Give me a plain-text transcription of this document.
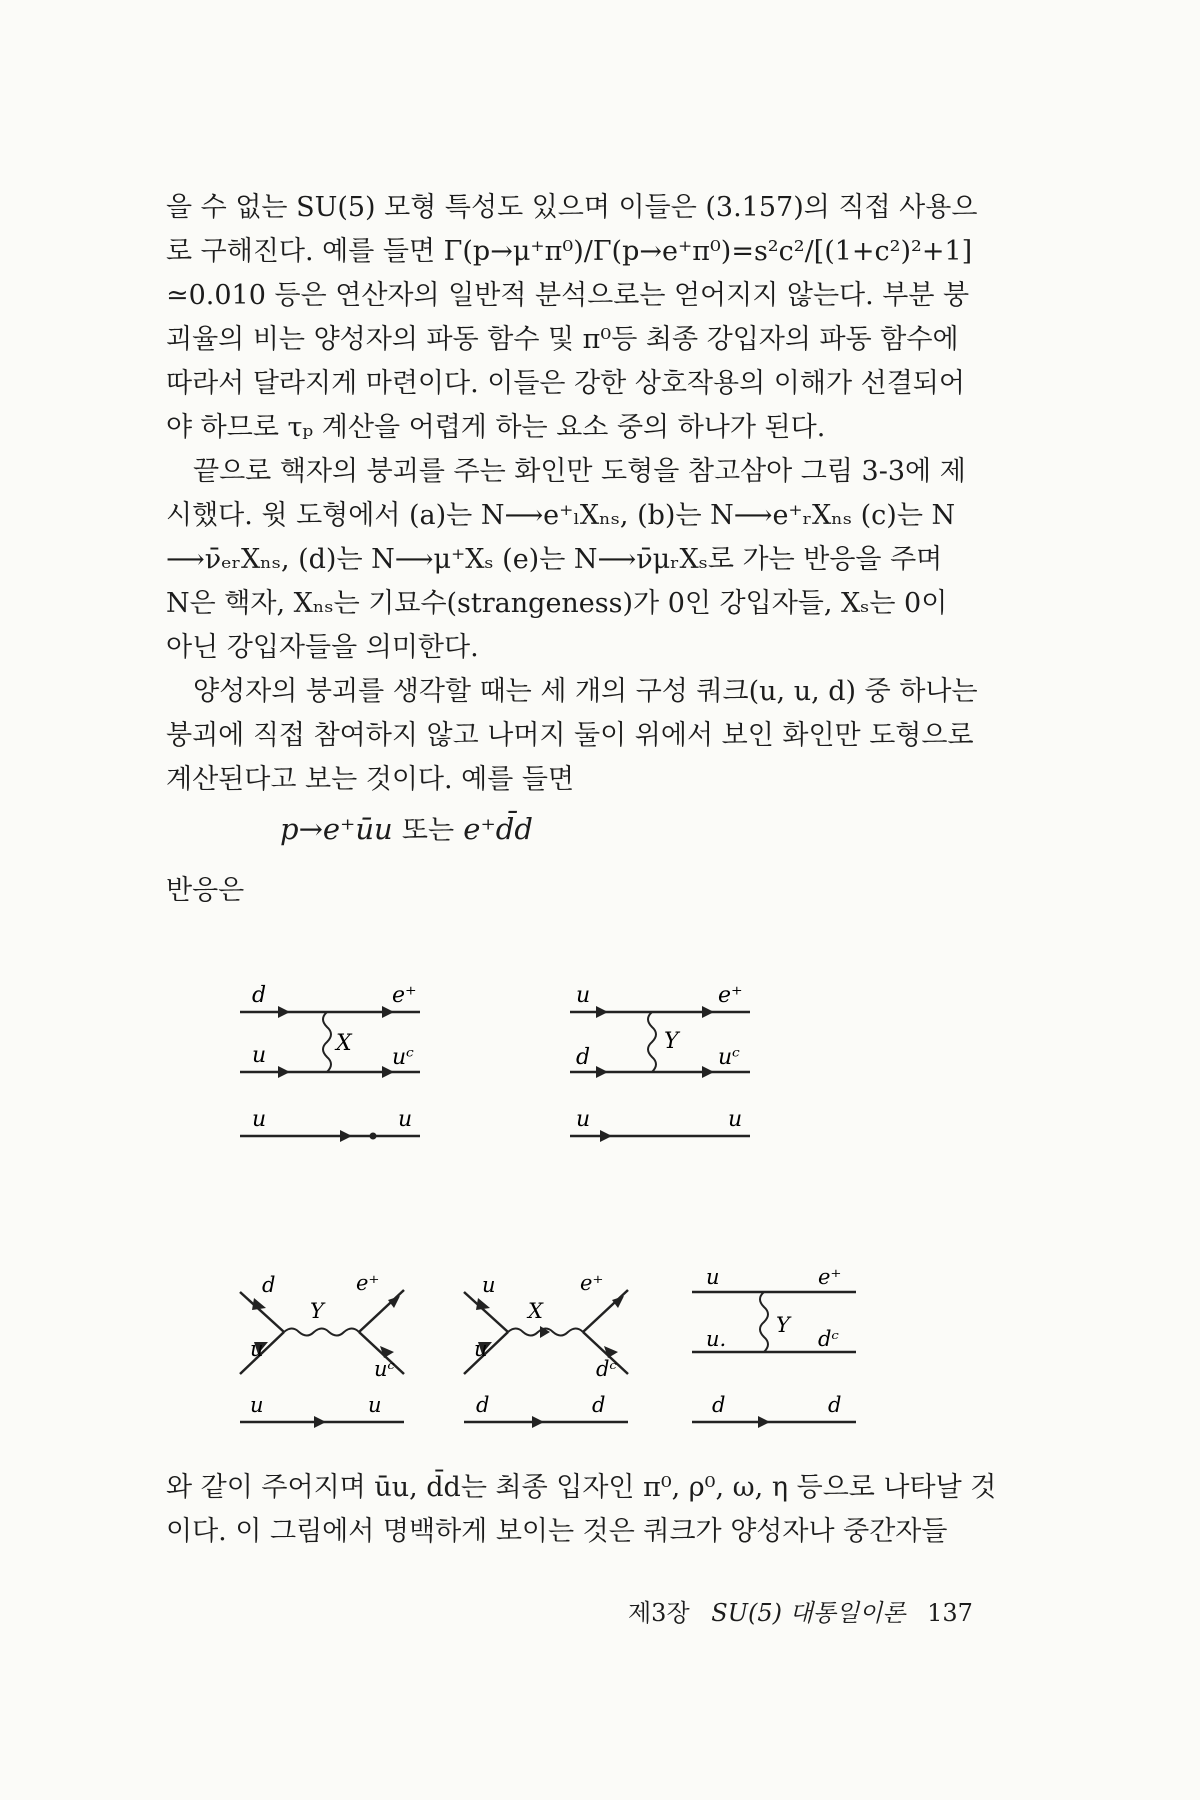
을 수 없는 SU(5) 모형 특성도 있으며 이들은 (3.157)의 직접 사용으

로 구해진다. 예를 들면 Γ(p→μ⁺π⁰)/Γ(p→e⁺π⁰)=s²c²/[(1+c²)²+1]

≃0.010 등은 연산자의 일반적 분석으로는 얻어지지 않는다. 부분 붕

괴율의 비는 양성자의 파동 함수 및 π⁰등 최종 강입자의 파동 함수에

따라서 달라지게 마련이다. 이들은 강한 상호작용의 이해가 선결되어

야 하므로 τₚ 계산을 어렵게 하는 요소 중의 하나가 된다.

끝으로 핵자의 붕괴를 주는 화인만 도형을 참고삼아 그림 3-3에 제

시했다. 윗 도형에서 (a)는 N⟶e⁺ₗXₙₛ, (b)는 N⟶e⁺ᵣXₙₛ (c)는 N

⟶ν̄ₑᵣXₙₛ, (d)는 N⟶μ⁺Xₛ (e)는 N⟶ν̄μᵣXₛ로 가는 반응을 주며

N은 핵자, Xₙₛ는 기묘수(strangeness)가 0인 강입자들, Xₛ는 0이

아닌 강입자들을 의미한다.

양성자의 붕괴를 생각할 때는 세 개의 구성 쿼크(u, u, d) 중 하나는

붕괴에 직접 참여하지 않고 나머지 둘이 위에서 보인 화인만 도형으로

계산된다고 보는 것이다. 예를 들면

p→e⁺ūu 또는 e⁺d̄d
반응은
d	e⁺
u	uᶜ
X
u	u
u	e⁺
d	uᶜ
Y
u	u
d
u
Y
e⁺
uᶜ
u	u
u
u
X
e⁺
dᶜ
d	d
u	e⁺
u.	dᶜ
Y
d	d

와 같이 주어지며 ūu, d̄d는 최종 입자인 π⁰, ρ⁰, ω, η 등으로 나타날 것

이다. 이 그림에서 명백하게 보이는 것은 쿼크가 양성자나 중간자들

제3장 SU(5) 대통일이론 137
